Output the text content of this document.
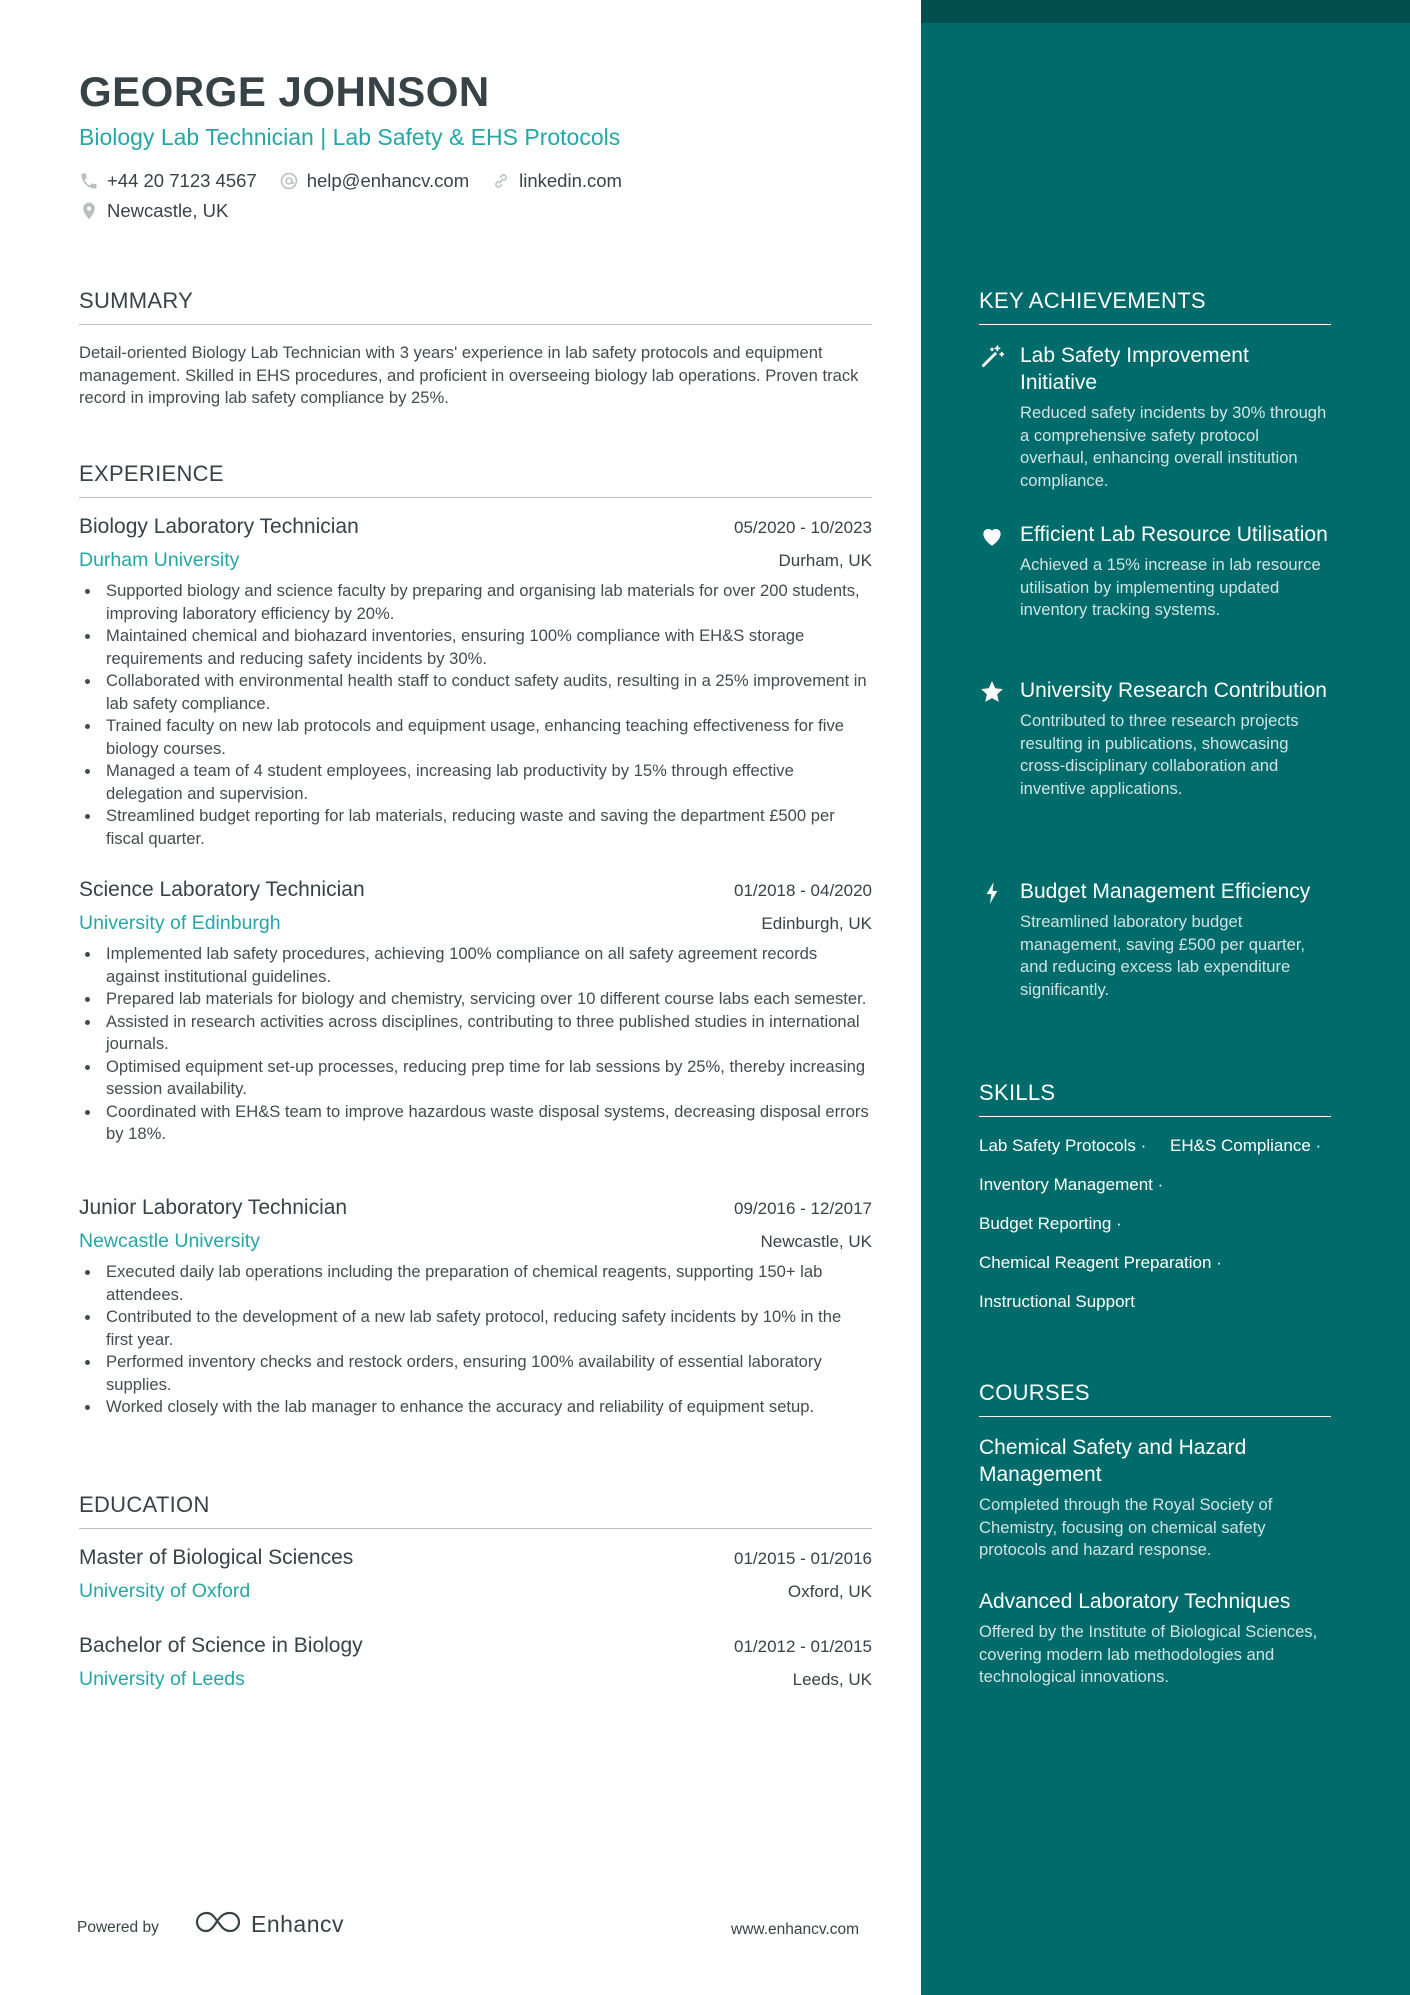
GEORGE JOHNSON
Biology Lab Technician | Lab Safety & EHS Protocols
+44 20 7123 4567	help@enhancv.com	linkedin.com
Newcastle, UK
SUMMARY
Detail-oriented Biology Lab Technician with 3 years' experience in lab safety protocols and equipment management. Skilled in EHS procedures, and proficient in overseeing biology lab operations. Proven track record in improving lab safety compliance by 25%.
EXPERIENCE
Biology Laboratory Technician	05/2020 - 10/2023
Durham University	Durham, UK
Supported biology and science faculty by preparing and organising lab materials for over 200 students, improving laboratory efficiency by 20%.
Maintained chemical and biohazard inventories, ensuring 100% compliance with EH&S storage requirements and reducing safety incidents by 30%.
Collaborated with environmental health staff to conduct safety audits, resulting in a 25% improvement in lab safety compliance.
Trained faculty on new lab protocols and equipment usage, enhancing teaching effectiveness for five biology courses.
Managed a team of 4 student employees, increasing lab productivity by 15% through effective delegation and supervision.
Streamlined budget reporting for lab materials, reducing waste and saving the department £500 per fiscal quarter.
Science Laboratory Technician	01/2018 - 04/2020
University of Edinburgh	Edinburgh, UK
Implemented lab safety procedures, achieving 100% compliance on all safety agreement records against institutional guidelines.
Prepared lab materials for biology and chemistry, servicing over 10 different course labs each semester.
Assisted in research activities across disciplines, contributing to three published studies in international journals.
Optimised equipment set-up processes, reducing prep time for lab sessions by 25%, thereby increasing session availability.
Coordinated with EH&S team to improve hazardous waste disposal systems, decreasing disposal errors by 18%.
Junior Laboratory Technician	09/2016 - 12/2017
Newcastle University	Newcastle, UK
Executed daily lab operations including the preparation of chemical reagents, supporting 150+ lab attendees.
Contributed to the development of a new lab safety protocol, reducing safety incidents by 10% in the first year.
Performed inventory checks and restock orders, ensuring 100% availability of essential laboratory supplies.
Worked closely with the lab manager to enhance the accuracy and reliability of equipment setup.
EDUCATION
Master of Biological Sciences	01/2015 - 01/2016
University of Oxford	Oxford, UK
Bachelor of Science in Biology	01/2012 - 01/2015
University of Leeds	Leeds, UK
Powered by	Enhancv	www.enhancv.com
KEY ACHIEVEMENTS
Lab Safety Improvement Initiative
Reduced safety incidents by 30% through a comprehensive safety protocol overhaul, enhancing overall institution compliance.
Efficient Lab Resource Utilisation
Achieved a 15% increase in lab resource utilisation by implementing updated inventory tracking systems.
University Research Contribution
Contributed to three research projects resulting in publications, showcasing cross-disciplinary collaboration and inventive applications.
Budget Management Efficiency
Streamlined laboratory budget management, saving £500 per quarter, and reducing excess lab expenditure significantly.
SKILLS
Lab Safety Protocols · EH&S Compliance ·
Inventory Management ·
Budget Reporting ·
Chemical Reagent Preparation ·
Instructional Support
COURSES
Chemical Safety and Hazard Management
Completed through the Royal Society of Chemistry, focusing on chemical safety protocols and hazard response.
Advanced Laboratory Techniques
Offered by the Institute of Biological Sciences, covering modern lab methodologies and technological innovations.
